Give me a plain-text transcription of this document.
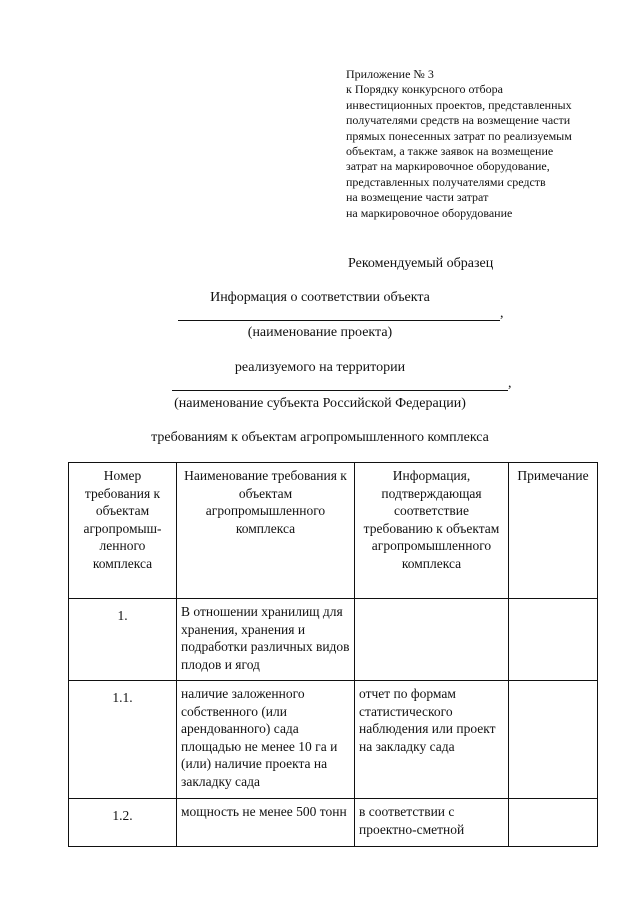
Приложение № 3
к Порядку конкурсного отбора
инвестиционных проектов, представленных
получателями средств на возмещение части
прямых понесенных затрат по реализуемым
объектам, а также заявок на возмещение
затрат на маркировочное оборудование,
представленных получателями средств
на возмещение части затрат
на маркировочное оборудование
Рекомендуемый образец
Информация о соответствии объекта
,
(наименование проекта)
реализуемого на территории
,
(наименование субъекта Российской Федерации)
требованиям к объектам агропромышленного комплекса
Номер требования к объектам агропромыш-ленного комплекса	Наименование требования к объектам агропромышленного комплекса	Информация, подтверждающая соответствие требованию к объектам агропромышленного комплекса	Примечание
1.	В отношении хранилищ для хранения, хранения и подработки различных видов плодов и ягод		
1.1.	наличие заложенного собственного (или арендованного) сада площадью не менее 10 га и (или) наличие проекта на закладку сада	отчет по формам статистического наблюдения или проект на закладку сада	
1.2.	мощность не менее 500 тонн	в соответствии с проектно-сметной	
